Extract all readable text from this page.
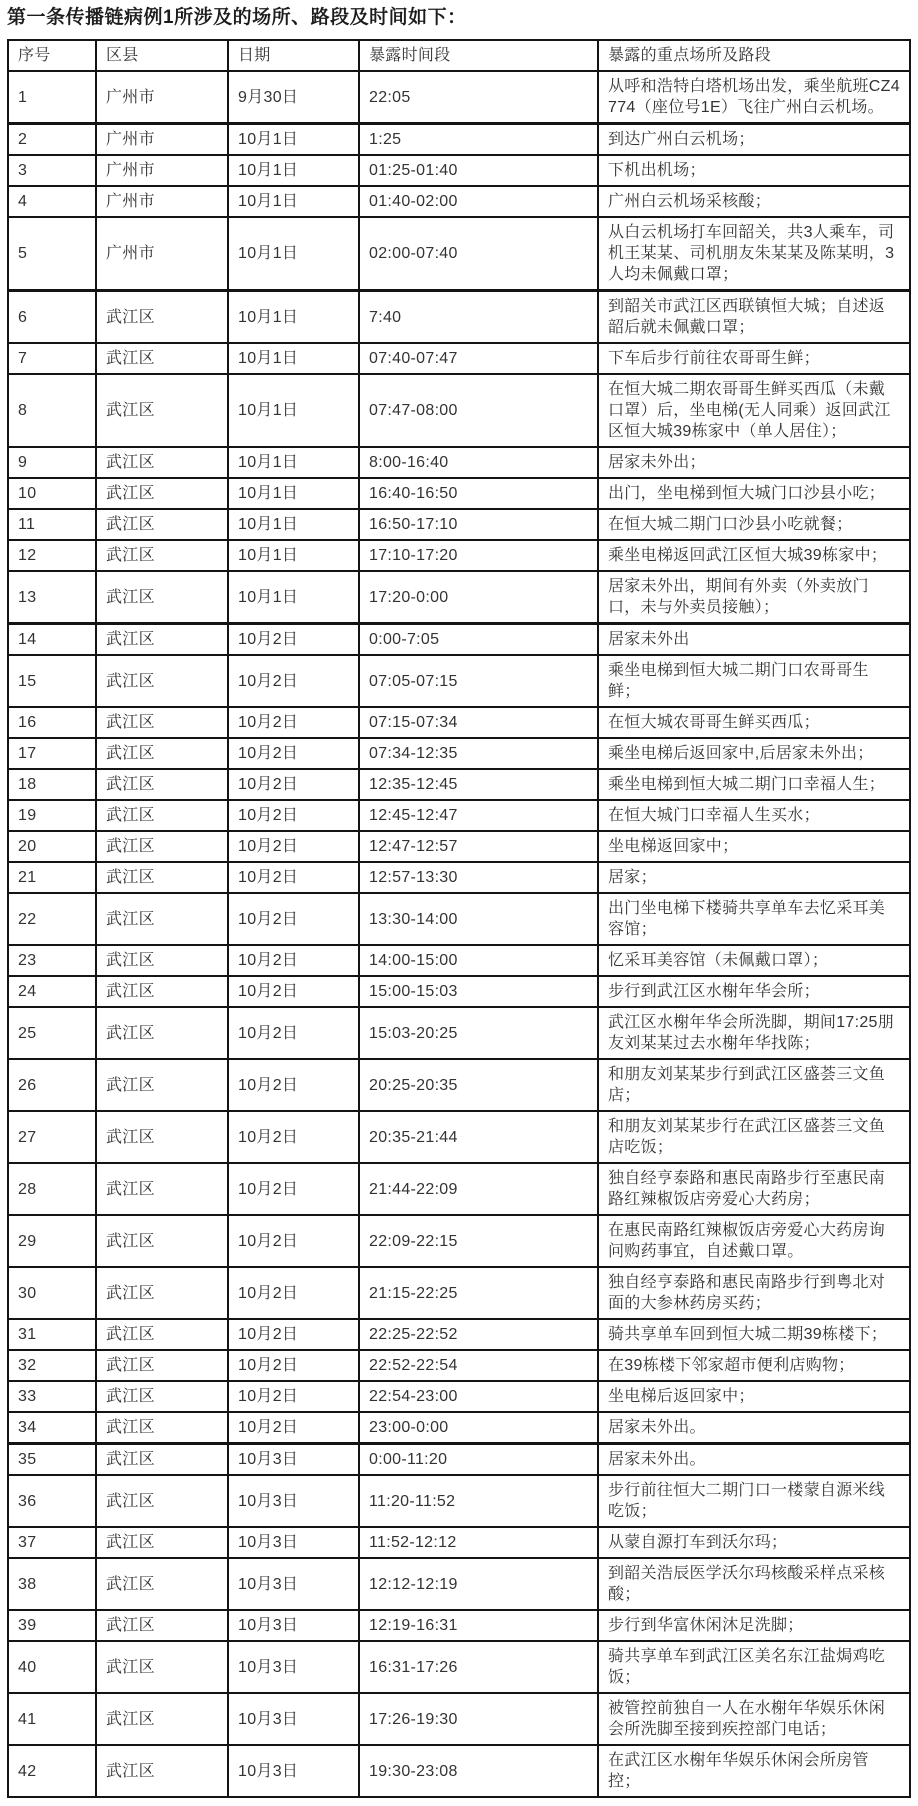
第一条传播链病例1所涉及的场所、路段及时间如下：
序号	区县	日期	暴露时间段	暴露的重点场所及路段
1	广州市	9月30日	22:05	从呼和浩特白塔机场出发，乘坐航班CZ4774（座位号1E）飞往广州白云机场。
2	广州市	10月1日	1:25	到达广州白云机场；
3	广州市	10月1日	01:25-01:40	下机出机场；
4	广州市	10月1日	01:40-02:00	广州白云机场采核酸；
5	广州市	10月1日	02:00-07:40	从白云机场打车回韶关，共3人乘车，司机王某某、司机朋友朱某某及陈某明，3人均未佩戴口罩；
6	武江区	10月1日	7:40	到韶关市武江区西联镇恒大城；自述返韶后就未佩戴口罩；
7	武江区	10月1日	07:40-07:47	下车后步行前往农哥哥生鲜；
8	武江区	10月1日	07:47-08:00	在恒大城二期农哥哥生鲜买西瓜（未戴口罩）后，坐电梯(无人同乘）返回武江区恒大城39栋家中（单人居住）；
9	武江区	10月1日	8:00-16:40	居家未外出；
10	武江区	10月1日	16:40-16:50	出门，坐电梯到恒大城门口沙县小吃；
11	武江区	10月1日	16:50-17:10	在恒大城二期门口沙县小吃就餐；
12	武江区	10月1日	17:10-17:20	乘坐电梯返回武江区恒大城39栋家中；
13	武江区	10月1日	17:20-0:00	居家未外出，期间有外卖（外卖放门口，未与外卖员接触）；
14	武江区	10月2日	0:00-7:05	居家未外出
15	武江区	10月2日	07:05-07:15	乘坐电梯到恒大城二期门口农哥哥生鲜；
16	武江区	10月2日	07:15-07:34	在恒大城农哥哥生鲜买西瓜；
17	武江区	10月2日	07:34-12:35	乘坐电梯后返回家中,后居家未外出；
18	武江区	10月2日	12:35-12:45	乘坐电梯到恒大城二期门口幸福人生；
19	武江区	10月2日	12:45-12:47	在恒大城门口幸福人生买水；
20	武江区	10月2日	12:47-12:57	坐电梯返回家中；
21	武江区	10月2日	12:57-13:30	居家；
22	武江区	10月2日	13:30-14:00	出门坐电梯下楼骑共享单车去忆采耳美容馆；
23	武江区	10月2日	14:00-15:00	忆采耳美容馆（未佩戴口罩）；
24	武江区	10月2日	15:00-15:03	步行到武江区水榭年华会所；
25	武江区	10月2日	15:03-20:25	武江区水榭年华会所洗脚，期间17:25朋友刘某某过去水榭年华找陈；
26	武江区	10月2日	20:25-20:35	和朋友刘某某步行到武江区盛荟三文鱼店；
27	武江区	10月2日	20:35-21:44	和朋友刘某某步行在武江区盛荟三文鱼店吃饭；
28	武江区	10月2日	21:44-22:09	独自经亨泰路和惠民南路步行至惠民南路红辣椒饭店旁爱心大药房；
29	武江区	10月2日	22:09-22:15	在惠民南路红辣椒饭店旁爱心大药房询问购药事宜，自述戴口罩。
30	武江区	10月2日	21:15-22:25	独自经亨泰路和惠民南路步行到粤北对面的大参林药房买药；
31	武江区	10月2日	22:25-22:52	骑共享单车回到恒大城二期39栋楼下；
32	武江区	10月2日	22:52-22:54	在39栋楼下邻家超市便利店购物；
33	武江区	10月2日	22:54-23:00	坐电梯后返回家中；
34	武江区	10月2日	23:00-0:00	居家未外出。
35	武江区	10月3日	0:00-11:20	居家未外出。
36	武江区	10月3日	11:20-11:52	步行前往恒大二期门口一楼蒙自源米线吃饭；
37	武江区	10月3日	11:52-12:12	从蒙自源打车到沃尔玛；
38	武江区	10月3日	12:12-12:19	到韶关浩辰医学沃尔玛核酸采样点采核酸；
39	武江区	10月3日	12:19-16:31	步行到华富休闲沐足洗脚；
40	武江区	10月3日	16:31-17:26	骑共享单车到武江区美名东江盐焗鸡吃饭；
41	武江区	10月3日	17:26-19:30	被管控前独自一人在水榭年华娱乐休闲会所洗脚至接到疾控部门电话；
42	武江区	10月3日	19:30-23:08	在武江区水榭年华娱乐休闲会所房管控；
